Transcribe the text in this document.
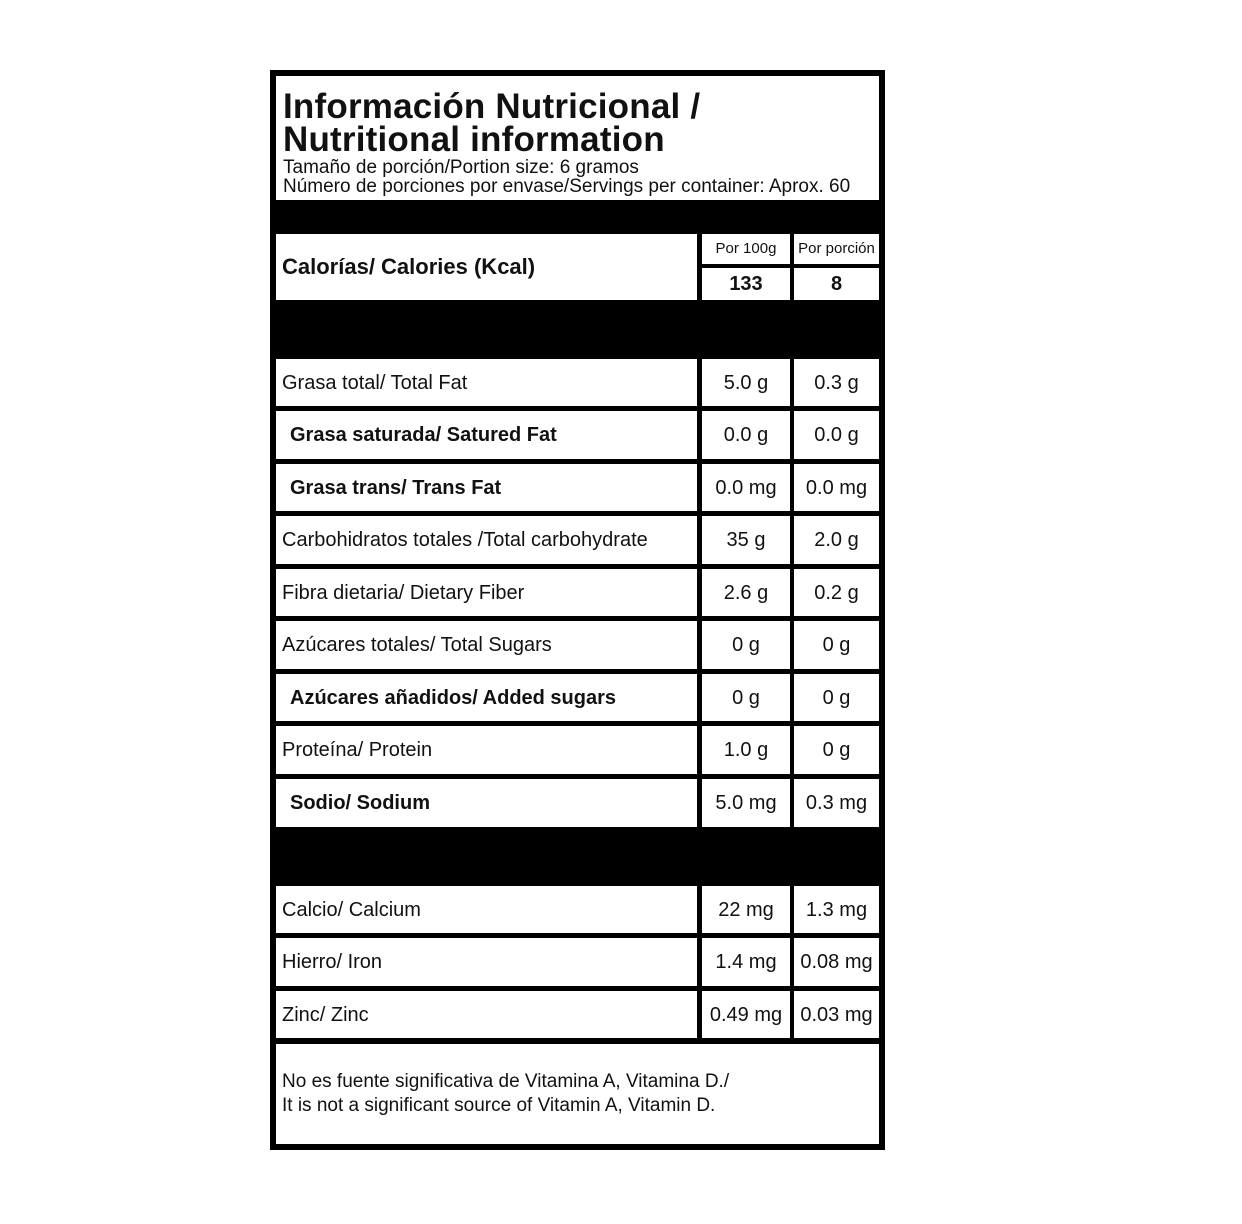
Información Nutricional /
Nutritional information
Tamaño de porción/Portion size: 6 gramos
Número de porciones por envase/Servings per container: Aprox. 60
Calorías/ Calories (Kcal)
Por 100g	Por porción
133	8
Grasa total/ Total Fat	5.0 g	0.3 g
Grasa saturada/ Satured Fat	0.0 g	0.0 g
Grasa trans/ Trans Fat	0.0 mg	0.0 mg
Carbohidratos totales /Total carbohydrate	35 g	2.0 g
Fibra dietaria/ Dietary Fiber	2.6 g	0.2 g
Azúcares totales/ Total Sugars	0 g	0 g
Azúcares añadidos/ Added sugars	0 g	0 g
Proteína/ Protein	1.0 g	0 g
Sodio/ Sodium	5.0 mg	0.3 mg
Calcio/ Calcium	22 mg	1.3 mg
Hierro/ Iron	1.4 mg	0.08 mg
Zinc/ Zinc	0.49 mg 0.03 mg
No es fuente significativa de Vitamina A, Vitamina D./
It is not a significant source of Vitamin A, Vitamin D.
